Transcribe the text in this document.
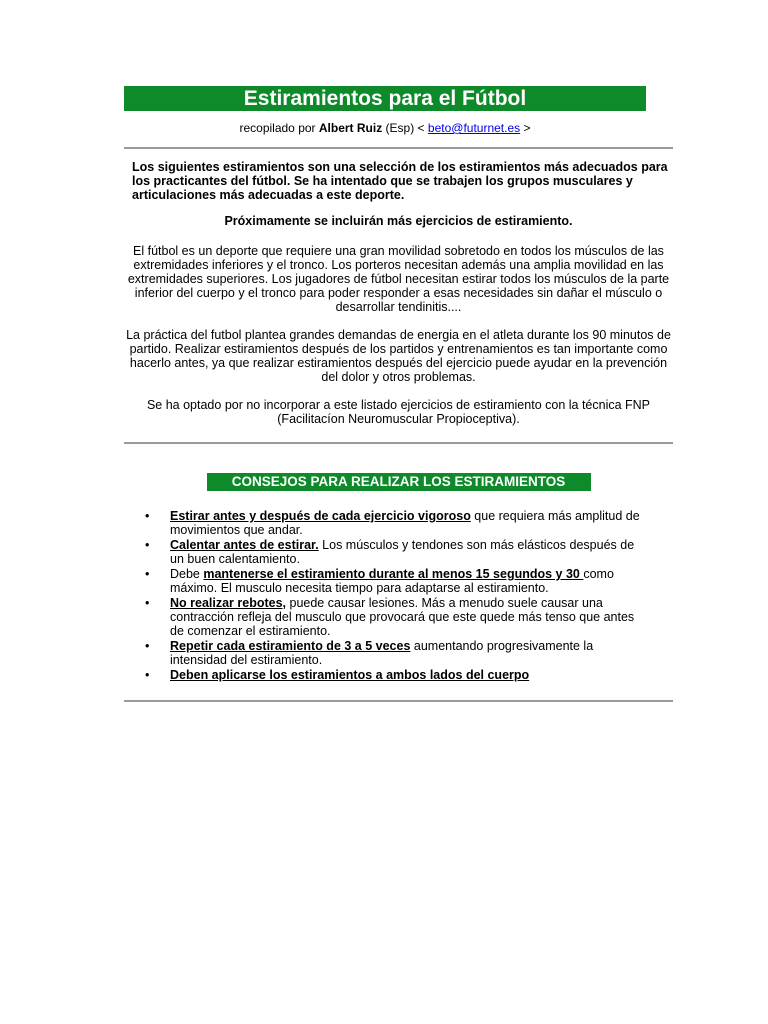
Estiramientos para el Fútbol
recopilado por Albert Ruiz (Esp) < beto@futurnet.es >
Los siguientes estiramientos son una selección de los estiramientos más adecuados para los practicantes del fútbol. Se ha intentado que se trabajen los grupos musculares y articulaciones más adecuadas a este deporte.
Próximamente se incluirán más ejercicios de estiramiento.
El fútbol es un deporte que requiere una gran movilidad sobretodo en todos los músculos de las extremidades inferiores y el tronco. Los porteros necesitan además una amplia movilidad en las extremidades superiores. Los jugadores de fútbol necesitan estirar todos los músculos de la parte inferior del cuerpo y el tronco para poder responder a esas necesidades sin dañar el músculo o desarrollar tendinitis....
La práctica del futbol plantea grandes demandas de energia en el atleta durante los 90 minutos de partido. Realizar estiramientos después de los partidos y entrenamientos es tan importante como hacerlo antes, ya que realizar estiramientos después del ejercicio puede ayudar en la prevención del dolor y otros problemas.
Se ha optado por no incorporar a este listado ejercicios de estiramiento con la técnica FNP (Facilitacíon Neuromuscular Propioceptiva).
CONSEJOS PARA REALIZAR LOS ESTIRAMIENTOS
• Estirar antes y después de cada ejercicio vigoroso que requiera más amplitud de movimientos que andar.
• Calentar antes de estirar. Los músculos y tendones son más elásticos después de un buen calentamiento.
• Debe mantenerse el estiramiento durante al menos 15 segundos y 30 como máximo. El musculo necesita tiempo para adaptarse al estiramiento.
• No realizar rebotes, puede causar lesiones. Más a menudo suele causar una contracción refleja del musculo que provocará que este quede más tenso que antes de comenzar el estiramiento.
• Repetir cada estiramiento de 3 a 5 veces aumentando progresivamente la intensidad del estiramiento.
• Deben aplicarse los estiramientos a ambos lados del cuerpo
